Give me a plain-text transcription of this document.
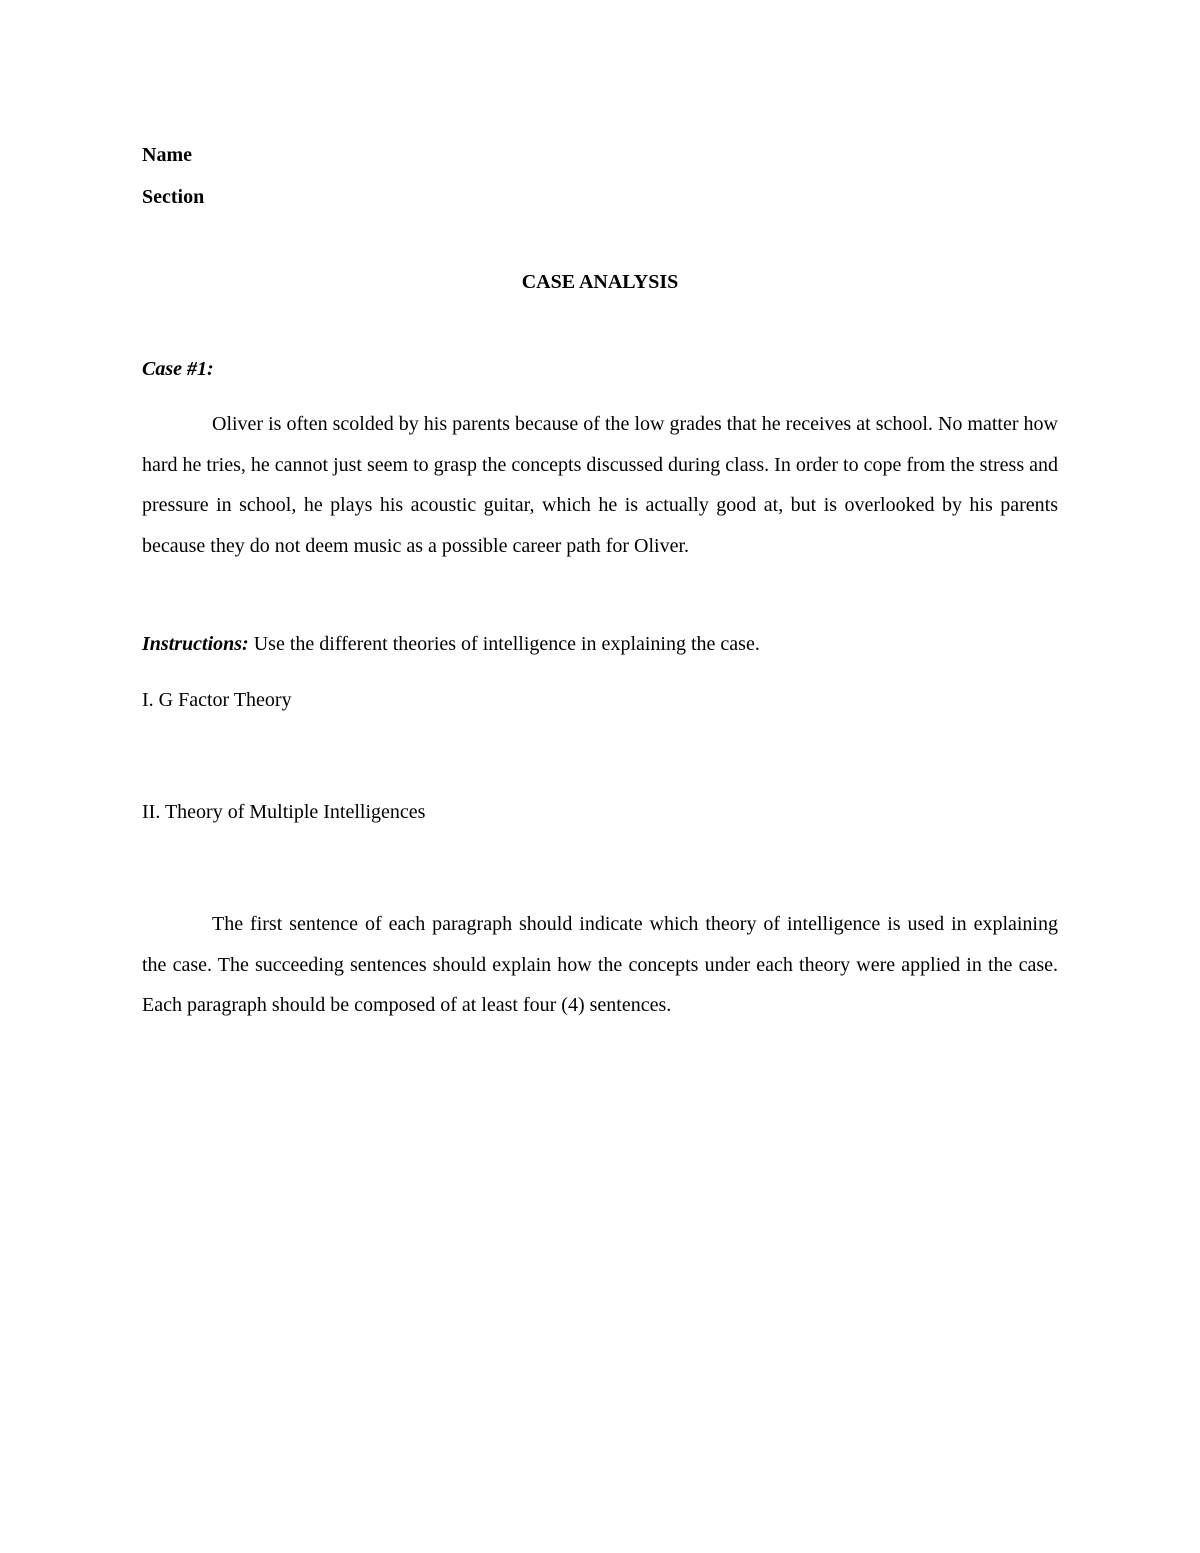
Name
Section
CASE ANALYSIS
Case #1:

Oliver is often scolded by his parents because of the low grades that he receives at school. No matter how hard he tries, he cannot just seem to grasp the concepts discussed during class. In order to cope from the stress and pressure in school, he plays his acoustic guitar, which he is actually good at, but is overlooked by his parents because they do not deem music as a possible career path for Oliver.

Instructions: Use the different theories of intelligence in explaining the case.
I. G Factor Theory
II. Theory of Multiple Intelligences

The first sentence of each paragraph should indicate which theory of intelligence is used in explaining the case. The succeeding sentences should explain how the concepts under each theory were applied in the case. Each paragraph should be composed of at least four (4) sentences.
